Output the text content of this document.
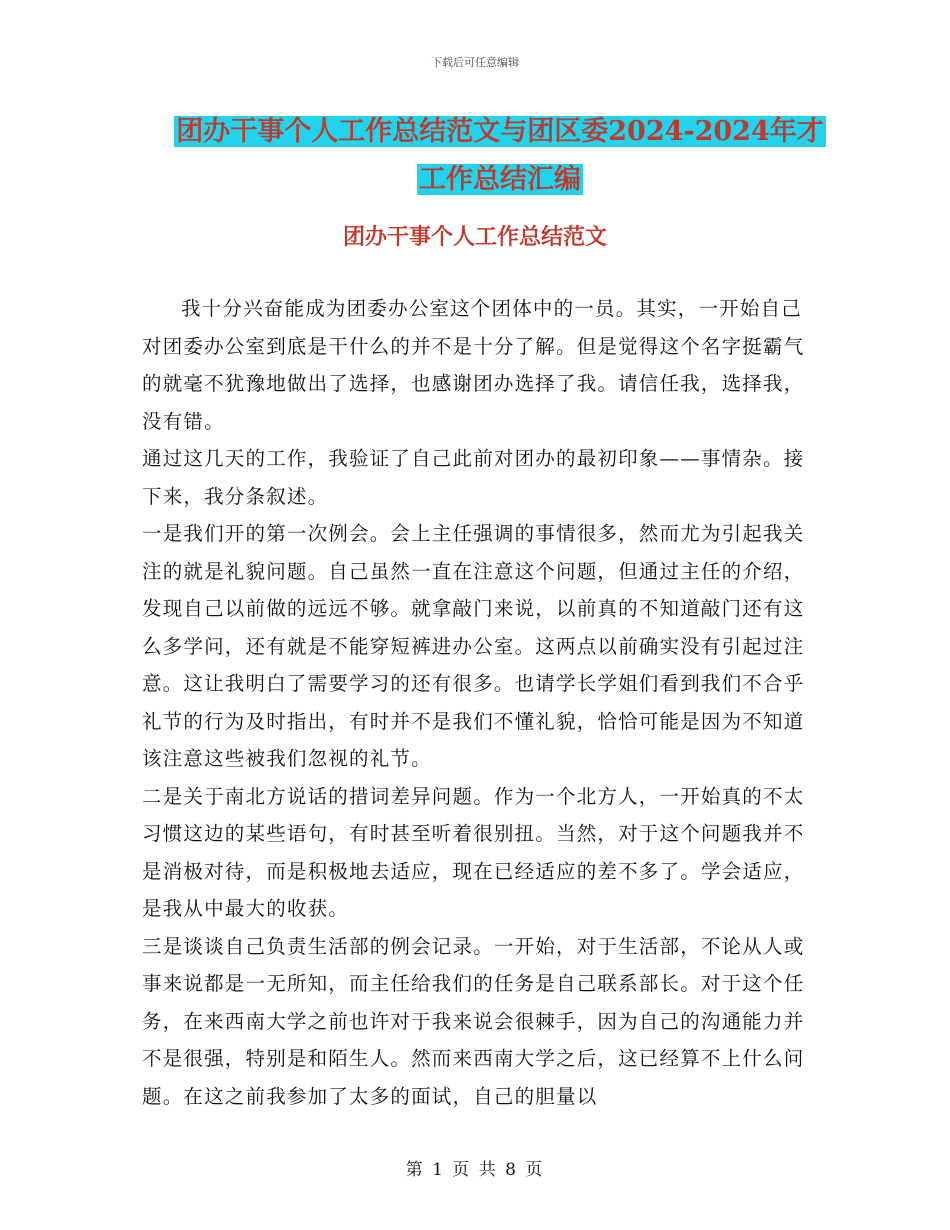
下载后可任意编辑
团办干事个人工作总结范文与团区委2024-2024年才
工作总结汇编
团办干事个人工作总结范文

我十分兴奋能成为团委办公室这个团体中的一员。其实，一开始自己对团委办公室到底是干什么的并不是十分了解。但是觉得这个名字挺霸气的就毫不犹豫地做出了选择，也感谢团办选择了我。请信任我，选择我，没有错。

通过这几天的工作，我验证了自己此前对团办的最初印象——事情杂。接下来，我分条叙述。

一是我们开的第一次例会。会上主任强调的事情很多，然而尤为引起我关注的就是礼貌问题。自己虽然一直在注意这个问题，但通过主任的介绍，发现自己以前做的远远不够。就拿敲门来说，以前真的不知道敲门还有这么多学问，还有就是不能穿短裤进办公室。这两点以前确实没有引起过注意。这让我明白了需要学习的还有很多。也请学长学姐们看到我们不合乎礼节的行为及时指出，有时并不是我们不懂礼貌，恰恰可能是因为不知道该注意这些被我们忽视的礼节。

二是关于南北方说话的措词差异问题。作为一个北方人，一开始真的不太习惯这边的某些语句，有时甚至听着很别扭。当然，对于这个问题我并不是消极对待，而是积极地去适应，现在已经适应的差不多了。学会适应，是我从中最大的收获。

三是谈谈自己负责生活部的例会记录。一开始，对于生活部，不论从人或事来说都是一无所知，而主任给我们的任务是自己联系部长。对于这个任务，在来西南大学之前也许对于我来说会很棘手，因为自己的沟通能力并不是很强，特别是和陌生人。然而来西南大学之后，这已经算不上什么问题。在这之前我参加了太多的面试，自己的胆量以

第 1 页 共 8 页
